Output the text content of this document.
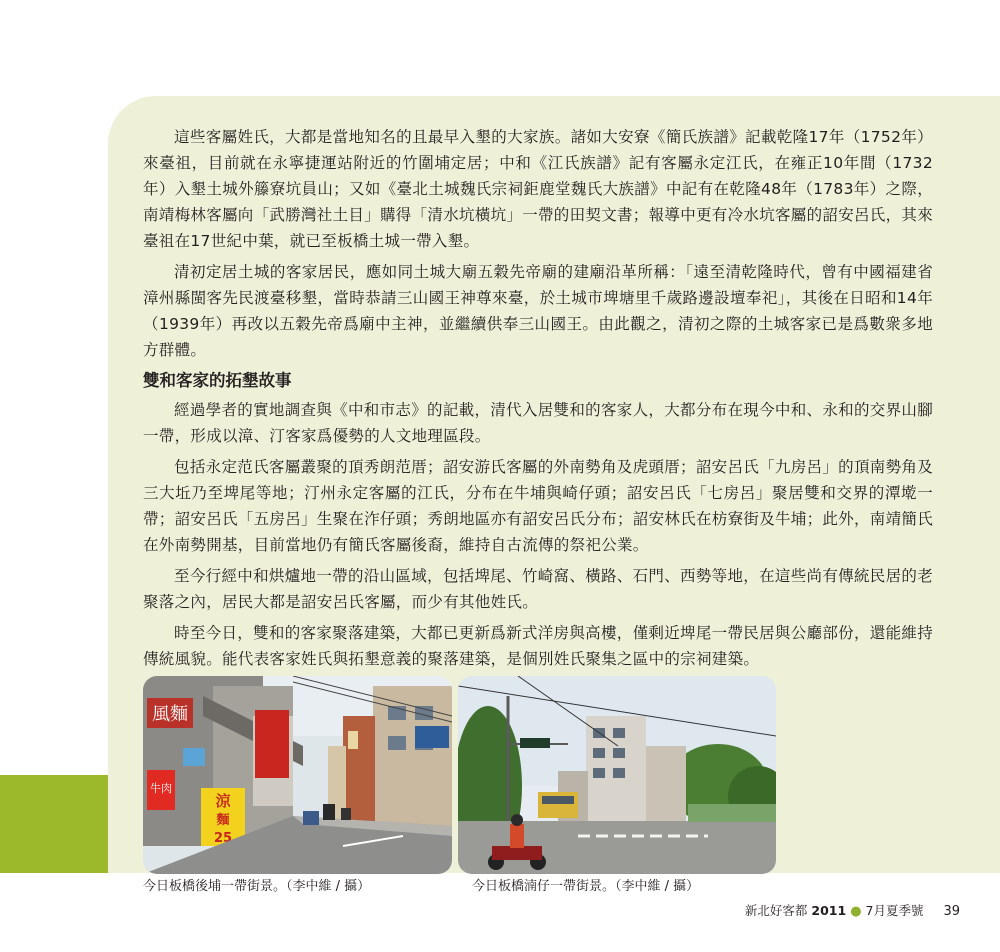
這些客屬姓氏，大都是當地知名的且最早入墾的大家族。諸如大安寮《簡氏族譜》記載乾隆17年（1752年）來臺祖，目前就在永寧捷運站附近的竹圍埔定居；中和《江氏族譜》記有客屬永定江氏，在雍正10年間（1732年）入墾土城外籐寮坑員山；又如《臺北土城魏氏宗祠鉅鹿堂魏氏大族譜》中記有在乾隆48年（1783年）之際，南靖梅林客屬向「武勝灣社土目」購得「清水坑橫坑」一帶的田契文書；報導中更有冷水坑客屬的詔安呂氏，其來臺祖在17世紀中葉，就已至板橋土城一帶入墾。

清初定居土城的客家居民，應如同土城大廟五穀先帝廟的建廟沿革所稱：「遠至清乾隆時代，曾有中國福建省漳州縣閩客先民渡臺移墾，當時恭請三山國王神尊來臺，於土城市埤塘里千歲路邊設壇奉祀」，其後在日昭和14年（1939年）再改以五穀先帝爲廟中主神，並繼續供奉三山國王。由此觀之，清初之際的土城客家已是爲數衆多地方群體。

雙和客家的拓墾故事

經過學者的實地調查與《中和市志》的記載，清代入居雙和的客家人，大都分布在現今中和、永和的交界山腳一帶，形成以漳、汀客家爲優勢的人文地理區段。

包括永定范氏客屬叢聚的頂秀朗范厝；詔安游氏客屬的外南勢角及虎頭厝；詔安呂氏「九房呂」的頂南勢角及三大坵乃至埤尾等地；汀州永定客屬的江氏，分布在牛埔與崎仔頭；詔安呂氏「七房呂」聚居雙和交界的潭墘一帶；詔安呂氏「五房呂」生聚在泎仔頭；秀朗地區亦有詔安呂氏分布；詔安林氏在枋寮街及牛埔；此外，南靖簡氏在外南勢開基，目前當地仍有簡氏客屬後裔，維持自古流傳的祭祀公業。

至今行經中和烘爐地一帶的沿山區域，包括埤尾、竹崎窩、橫路、石門、西勢等地，在這些尚有傳統民居的老聚落之內，居民大都是詔安呂氏客屬，而少有其他姓氏。

時至今日，雙和的客家聚落建築，大都已更新爲新式洋房與高樓，僅剩近埤尾一帶民居與公廳部份，還能維持傳統風貌。能代表客家姓氏與拓墾意義的聚落建築，是個別姓氏聚集之區中的宗祠建築。

風麵
牛肉
涼
麵
25
今日板橋後埔一帶街景。（李中維 / 攝）	今日板橋湳仔一帶街景。（李中維 / 攝）
新北好客都 2011 ● 7月夏季號 39
